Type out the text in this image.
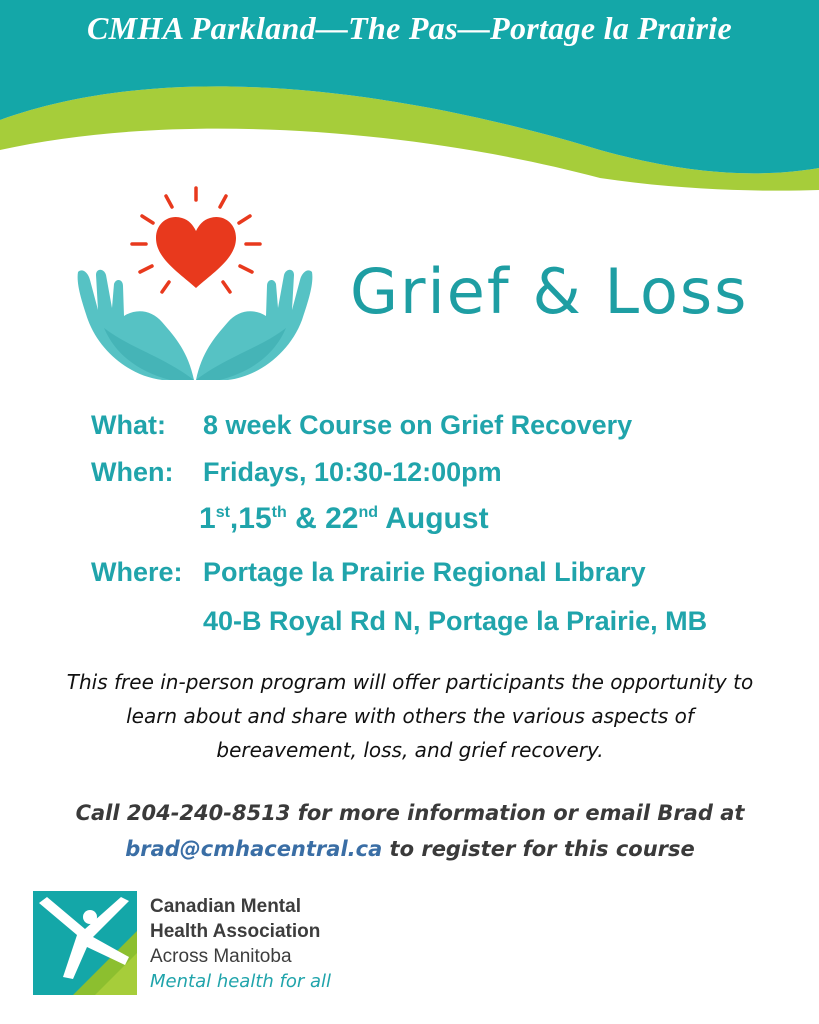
CMHA Parkland—The Pas—Portage la Prairie
Grief & Loss
What: 8 week Course on Grief Recovery
When: Fridays, 10:30-12:00pm
1st,15th & 22nd August
Where: Portage la Prairie Regional Library
40-B Royal Rd N, Portage la Prairie, MB
This free in-person program will offer participants the opportunity to learn about and share with others the various aspects of bereavement, loss, and grief recovery.
Call 204-240-8513 for more information or email Brad at
brad@cmhacentral.ca to register for this course
Canadian Mental
Health Association
Across Manitoba
Mental health for all
